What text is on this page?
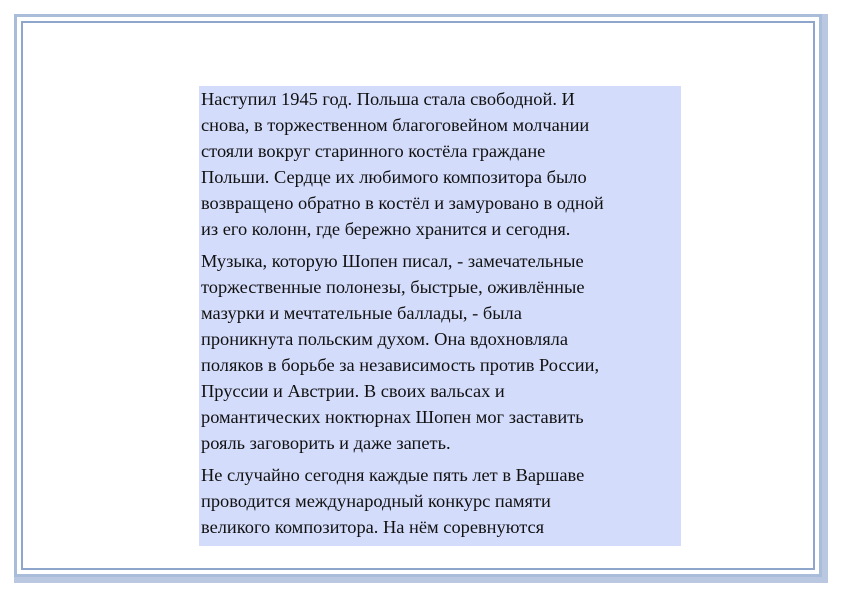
Наступил 1945 год. Польша стала свободной. И
снова, в торжественном благоговейном молчании
стояли вокруг старинного костёла граждане
Польши. Сердце их любимого композитора было
возвращено обратно в костёл и замуровано в одной
из его колонн, где бережно хранится и сегодня.

Музыка, которую Шопен писал, - замечательные
торжественные полонезы, быстрые, оживлённые
мазурки и мечтательные баллады, - была
проникнута польским духом. Она вдохновляла
поляков в борьбе за независимость против России,
Пруссии и Австрии. В своих вальсах и
романтических ноктюрнах Шопен мог заставить
рояль заговорить и даже запеть.

Не случайно сегодня каждые пять лет в Варшаве
проводится международный конкурс памяти
великого композитора. На нём соревнуются
